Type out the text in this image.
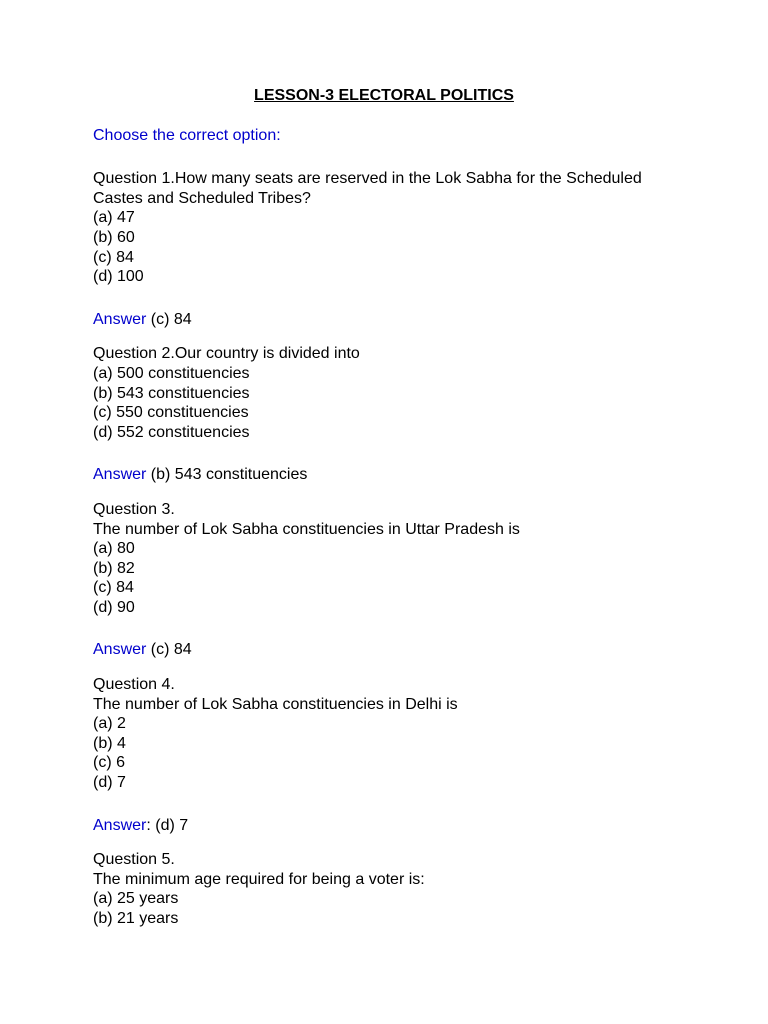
LESSON-3 ELECTORAL POLITICS
Choose the correct option:
Question 1.How many seats are reserved in the Lok Sabha for the Scheduled Castes and Scheduled Tribes?
(a) 47
(b) 60
(c) 84
(d) 100
Answer (c) 84
Question 2.Our country is divided into
(a) 500 constituencies
(b) 543 constituencies
(c) 550 constituencies
(d) 552 constituencies
Answer (b) 543 constituencies
Question 3.
The number of Lok Sabha constituencies in Uttar Pradesh is
(a) 80
(b) 82
(c) 84
(d) 90
Answer (c) 84
Question 4.
The number of Lok Sabha constituencies in Delhi is
(a) 2
(b) 4
(c) 6
(d) 7
Answer: (d) 7
Question 5.
The minimum age required for being a voter is:
(a) 25 years
(b) 21 years
